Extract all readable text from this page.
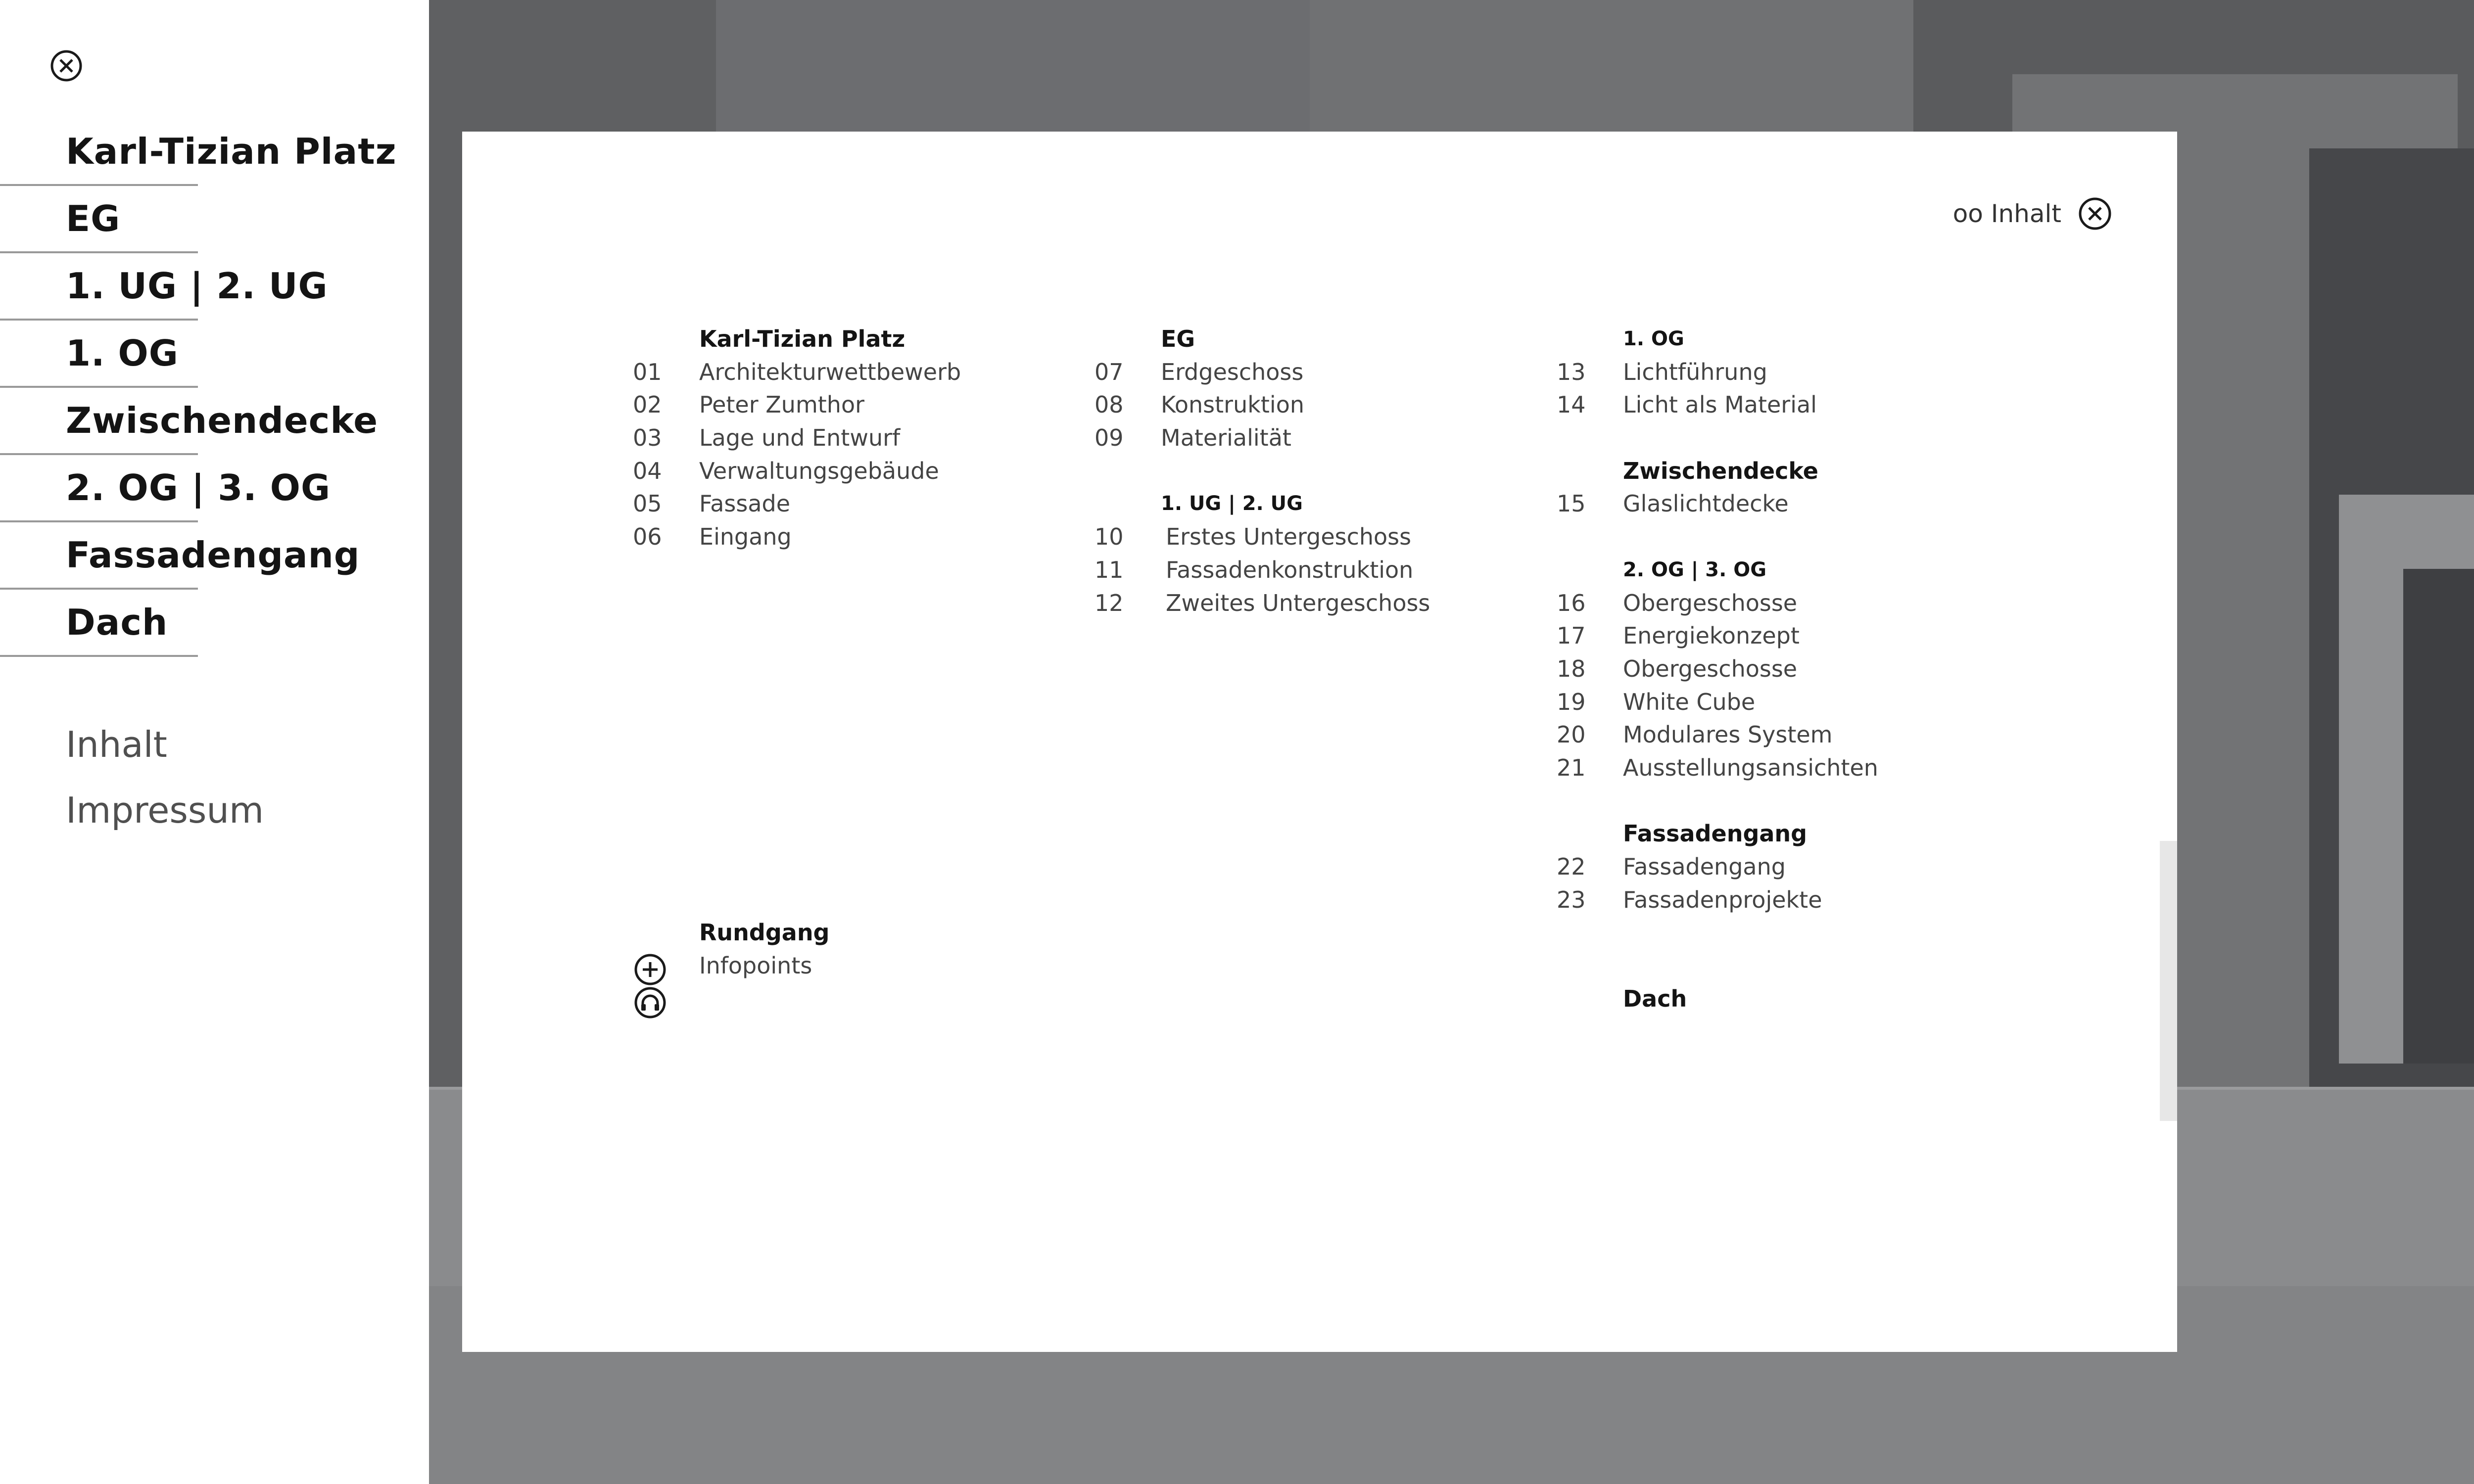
Karl-Tizian Platz
EG
1. UG | 2. UG
1. OG
Zwischendecke
2. OG | 3. OG
Fassadengang
Dach
Inhalt
Impressum
oo Inhalt
Karl-Tizian Platz
01	Architekturwettbewerb
02	Peter Zumthor
03	Lage und Entwurf
04	Verwaltungsgebäude
05	Fassade
06	Eingang
EG
07	Erdgeschoss
08	Konstruktion
09	Materialität
1. UG | 2. UG
10	Erstes Untergeschoss
11	Fassadenkonstruktion
12	Zweites Untergeschoss
1. OG
13	Lichtführung
14	Licht als Material
Zwischendecke
15	Glaslichtdecke
2. OG | 3. OG
16	Obergeschosse
17	Energiekonzept
18	Obergeschosse
19	White Cube
20	Modulares System
21	Ausstellungsansichten
Fassadengang
22	Fassadengang
23	Fassadenprojekte
Dach
Rundgang
Infopoints
